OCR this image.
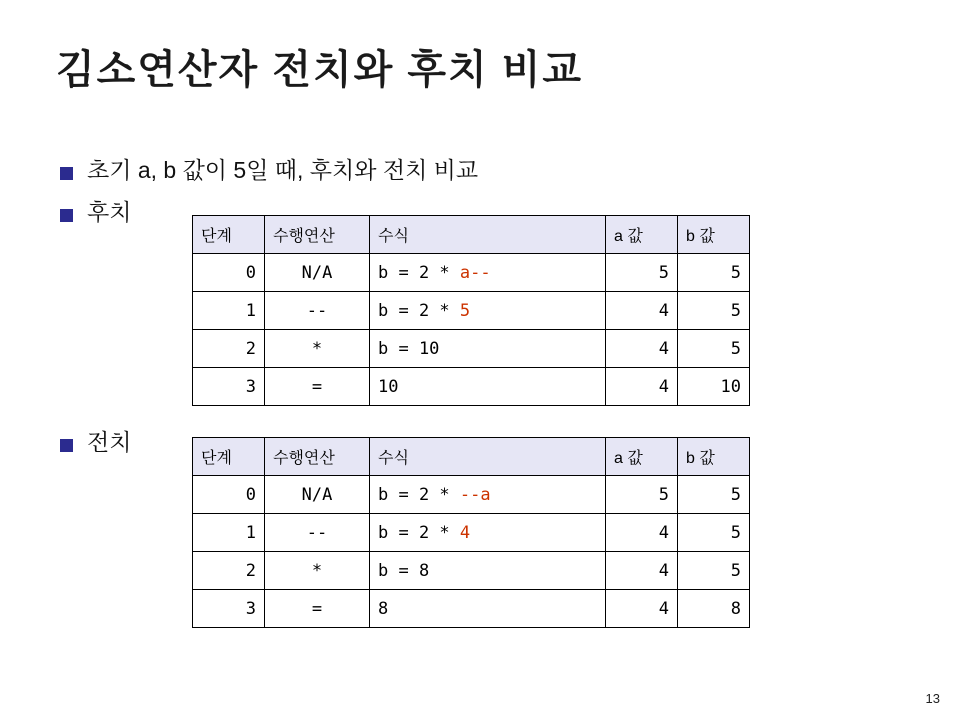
김소연산자 전치와 후치 비교
초기 a, b 값이 5일 때, 후치와 전치 비교
후치
전치
단계	수행연산	수식	a 값	b 값
0	N/A	b = 2 * a--	5	5
1	--	b = 2 * 5	4	5
2	*	b = 10	4	5
3	=	10	4	10
단계	수행연산	수식	a 값	b 값
0	N/A	b = 2 * --a	5	5
1	--	b = 2 * 4	4	5
2	*	b = 8	4	5
3	=	8	4	8
13
